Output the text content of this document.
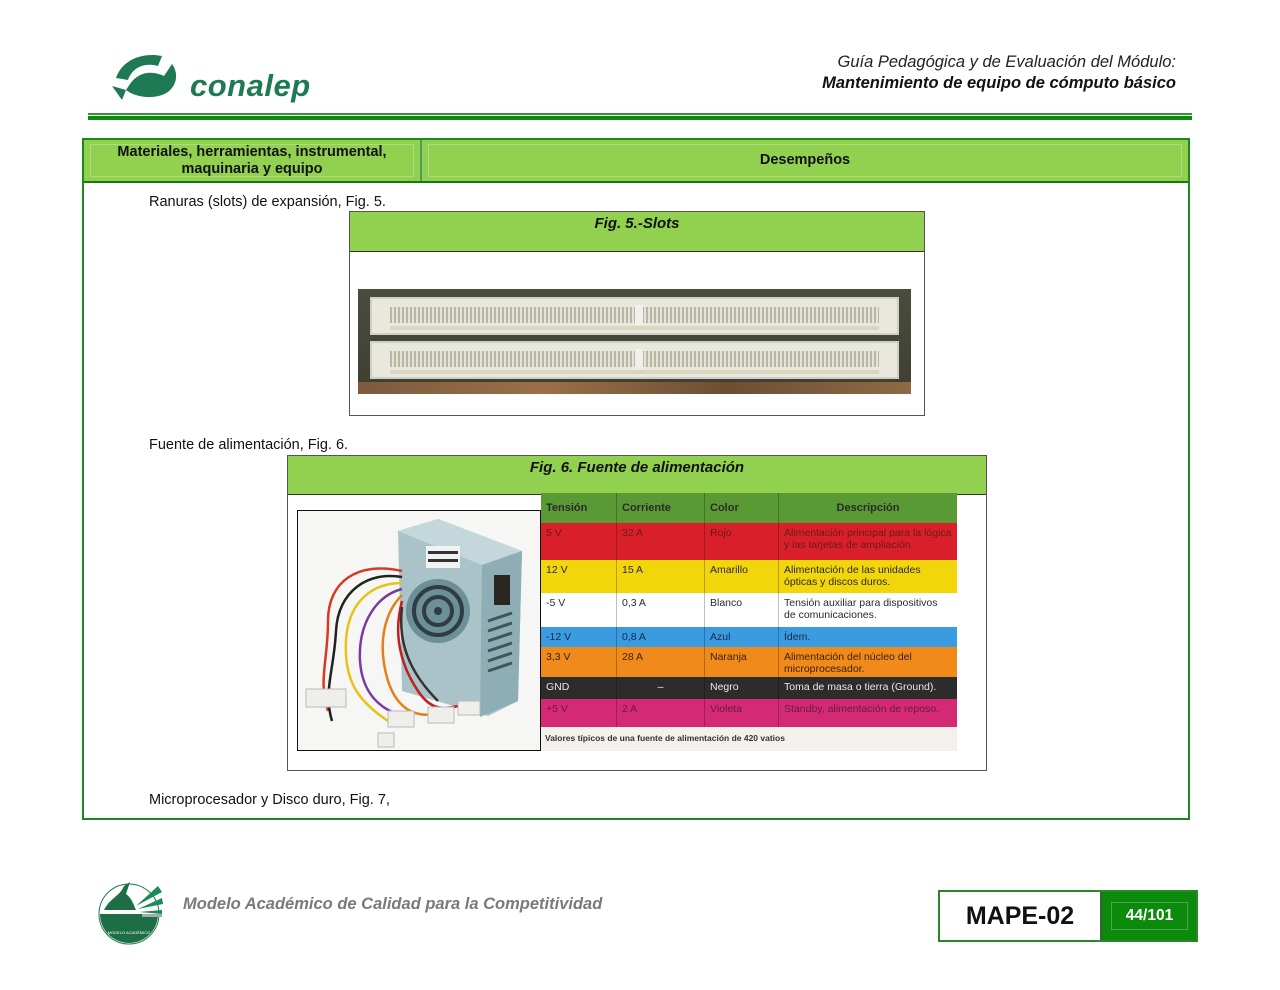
conalep
Guía Pedagógica y de Evaluación del Módulo:
Mantenimiento de equipo de cómputo básico
Materiales, herramientas, instrumental, maquinaria y equipo
Desempeños
Ranuras (slots) de expansión, Fig. 5.
Fig. 5.-Slots
Fuente de alimentación, Fig. 6.
Fig. 6. Fuente de alimentación
Tensión	Corriente	Color	Descripción
5 V	32 A	Rojo	Alimentación principal para la lógica y las tarjetas de ampliación.
12 V	15 A	Amarillo	Alimentación de las unidades ópticas y discos duros.
-5 V	0,3 A	Blanco	Tensión auxiliar para dispositivos de comunicaciones.
-12 V	0,8 A	Azul	Ídem.
3,3 V	28 A	Naranja	Alimentación del núcleo del microprocesador.
GND	–	Negro	Toma de masa o tierra (Ground).
+5 V	2 A	Violeta	Standby, alimentación de reposo.
Valores típicos de una fuente de alimentación de 420 vatios
Microprocesador y Disco duro, Fig. 7,
MODELO ACADÉMICO
Modelo Académico de Calidad para la Competitividad	MAPE-02	44/101
